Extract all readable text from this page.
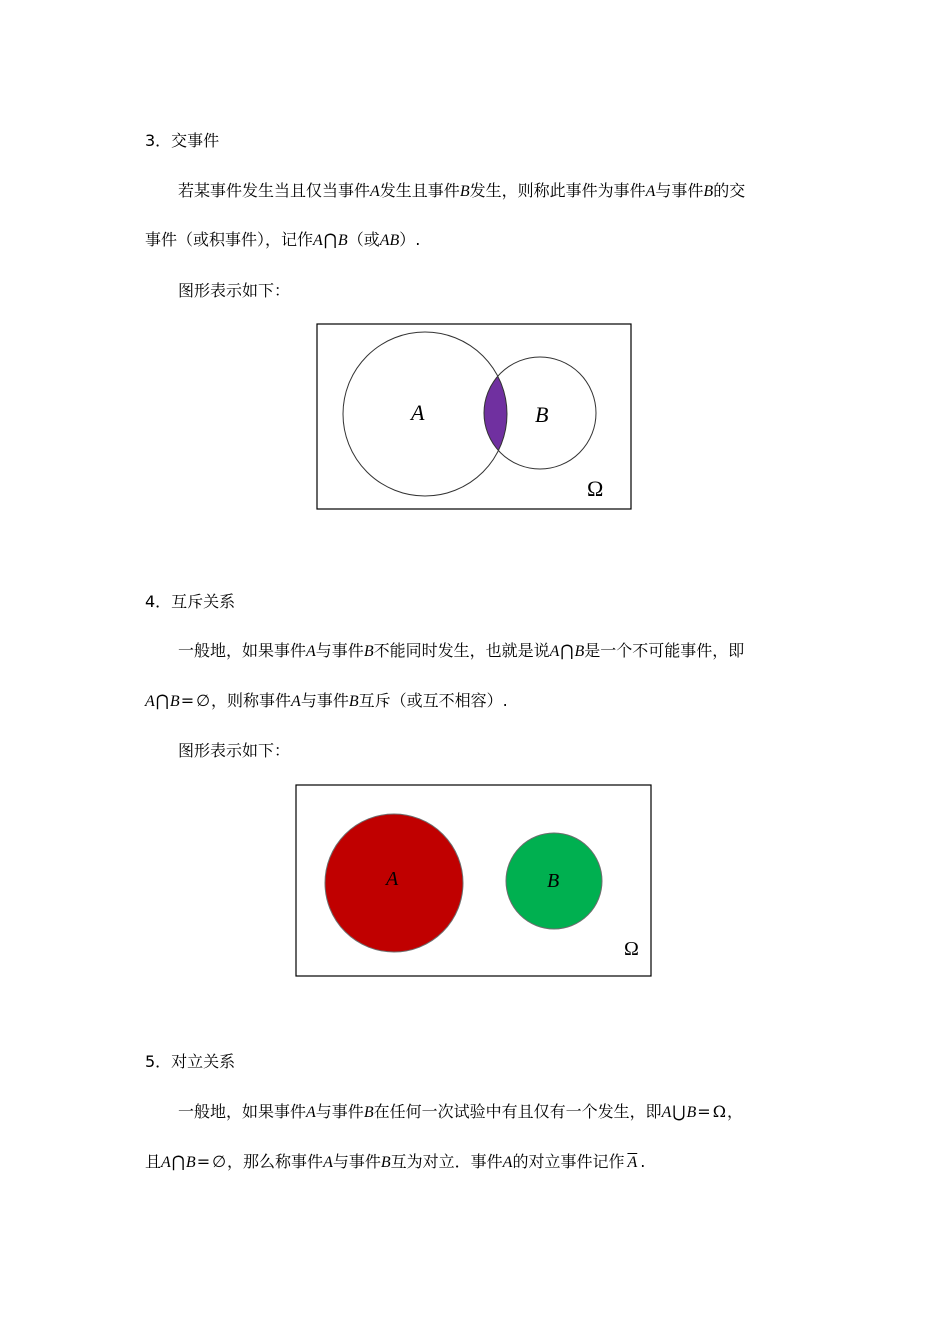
3．交事件
若某事件发生当且仅当事件A发生且事件B发生，则称此事件为事件A与事件B的交
事件（或积事件），记作A⋂B（或AB）.
图形表示如下：
A	B
Ω
4．互斥关系
一般地，如果事件A与事件B不能同时发生，也就是说A⋂B是一个不可能事件，即
A⋂B= ∅，则称事件A与事件B互斥（或互不相容）.
图形表示如下：
A	B
Ω
5．对立关系
一般地，如果事件A与事件B在任何一次试验中有且仅有一个发生，即A⋃B= Ω，
且A⋂B= ∅，那么称事件A与事件B互为对立．事件A的对立事件记作 $\overline{A}$ .
